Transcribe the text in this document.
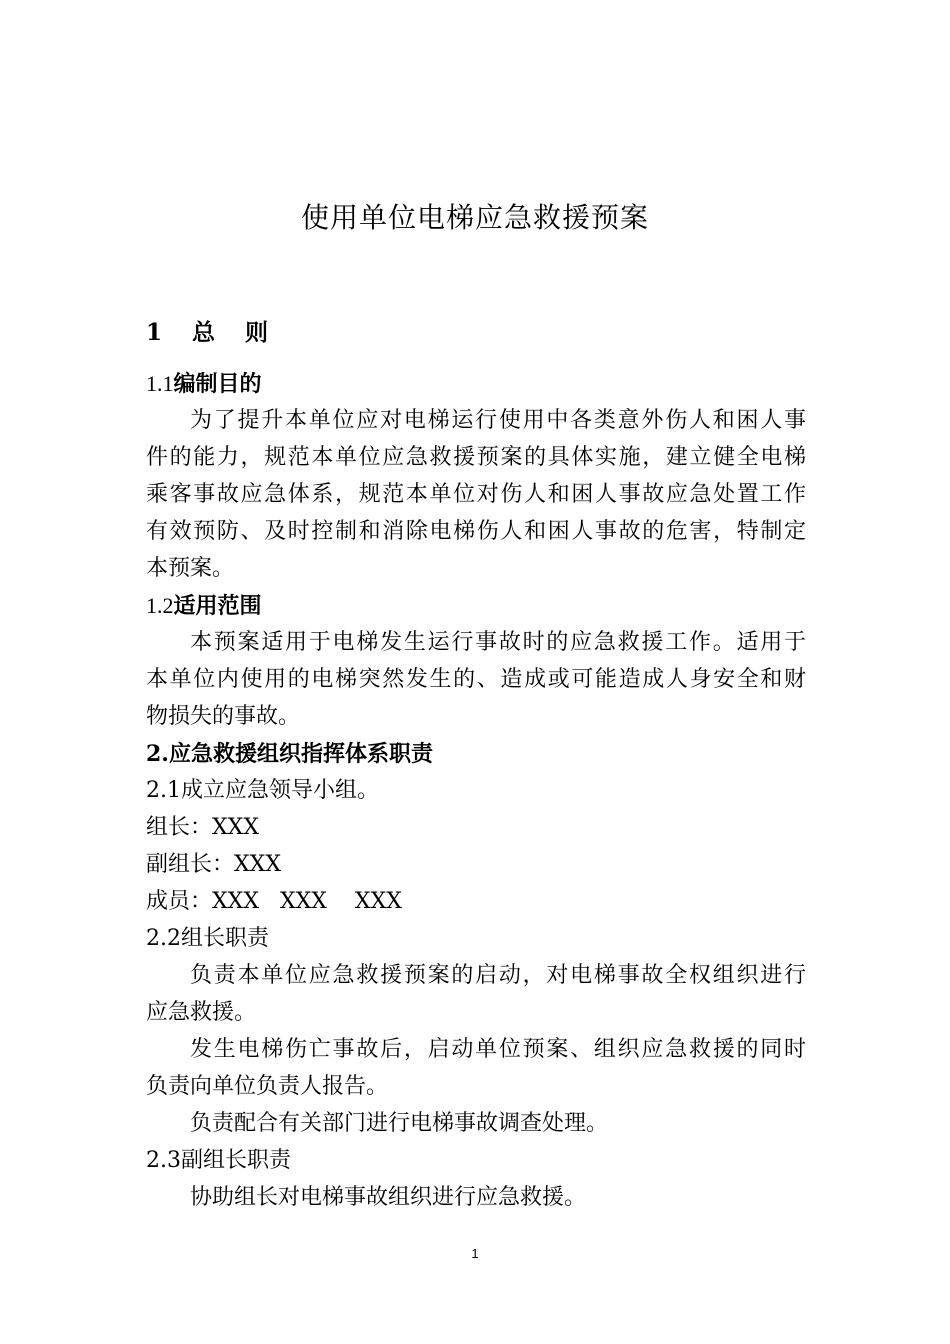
使用单位电梯应急救援预案
1 总 则
1.1编制目的
为了提升本单位应对电梯运行使用中各类意外伤人和困人事
件的能力，规范本单位应急救援预案的具体实施，建立健全电梯
乘客事故应急体系，规范本单位对伤人和困人事故应急处置工作
有效预防、及时控制和消除电梯伤人和困人事故的危害，特制定
本预案。
1.2适用范围
本预案适用于电梯发生运行事故时的应急救援工作。适用于
本单位内使用的电梯突然发生的、造成或可能造成人身安全和财
物损失的事故。
2.应急救援组织指挥体系职责
2.1成立应急领导小组。
组长：XXX
副组长：XXX
成员：XXX   XXX    XXX
2.2组长职责
负责本单位应急救援预案的启动，对电梯事故全权组织进行
应急救援。
发生电梯伤亡事故后，启动单位预案、组织应急救援的同时
负责向单位负责人报告。
负责配合有关部门进行电梯事故调查处理。
2.3副组长职责
协助组长对电梯事故组织进行应急救援。
1
